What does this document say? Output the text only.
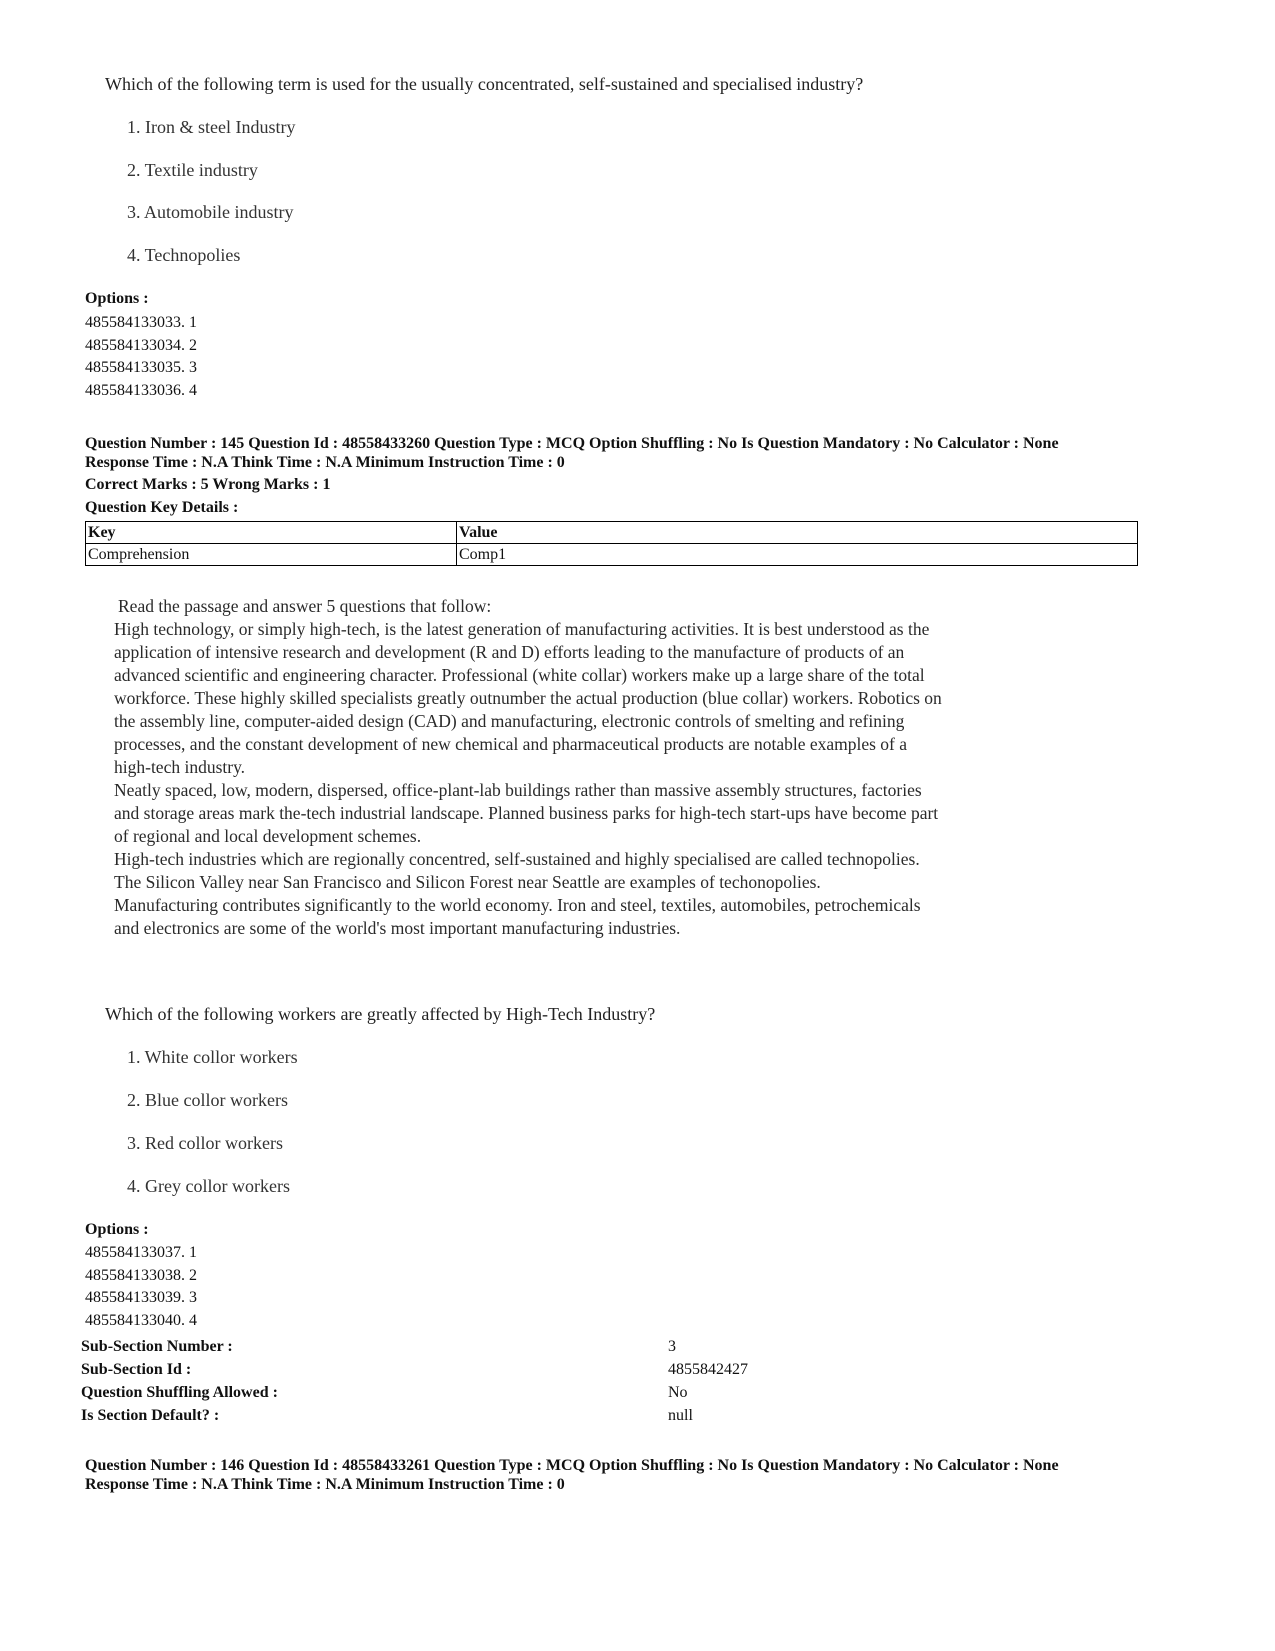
Which of the following term is used for the usually concentrated, self-sustained and specialised industry?
1. Iron & steel Industry
2. Textile industry
3. Automobile industry
4. Technopolies
Options :
485584133033. 1
485584133034. 2
485584133035. 3
485584133036. 4
Question Number : 145 Question Id : 48558433260 Question Type : MCQ Option Shuffling : No Is Question Mandatory : No Calculator : None
Response Time : N.A Think Time : N.A Minimum Instruction Time : 0
Correct Marks : 5 Wrong Marks : 1
Question Key Details :
Key	Value
Comprehension	Comp1

Read the passage and answer 5 questions that follow:

High technology, or simply high-tech, is the latest generation of manufacturing activities. It is best understood as the application of intensive research and development (R and D) efforts leading to the manufacture of products of an advanced scientific and engineering character. Professional (white collar) workers make up a large share of the total workforce. These highly skilled specialists greatly outnumber the actual production (blue collar) workers. Robotics on the assembly line, computer-aided design (CAD) and manufacturing, electronic controls of smelting and refining processes, and the constant development of new chemical and pharmaceutical products are notable examples of a high-tech industry.

Neatly spaced, low, modern, dispersed, office-plant-lab buildings rather than massive assembly structures, factories and storage areas mark the-tech industrial landscape. Planned business parks for high-tech start-ups have become part of regional and local development schemes.

High-tech industries which are regionally concentred, self-sustained and highly specialised are called technopolies. The Silicon Valley near San Francisco and Silicon Forest near Seattle are examples of techonopolies.

Manufacturing contributes significantly to the world economy. Iron and steel, textiles, automobiles, petrochemicals and electronics are some of the world's most important manufacturing industries.

Which of the following workers are greatly affected by High-Tech Industry?
1. White collor workers
2. Blue collor workers
3. Red collor workers
4. Grey collor workers
Options :
485584133037. 1
485584133038. 2
485584133039. 3
485584133040. 4
Sub-Section Number :	3
Sub-Section Id :	4855842427
Question Shuffling Allowed :	No
Is Section Default? :	null
Question Number : 146 Question Id : 48558433261 Question Type : MCQ Option Shuffling : No Is Question Mandatory : No Calculator : None
Response Time : N.A Think Time : N.A Minimum Instruction Time : 0
